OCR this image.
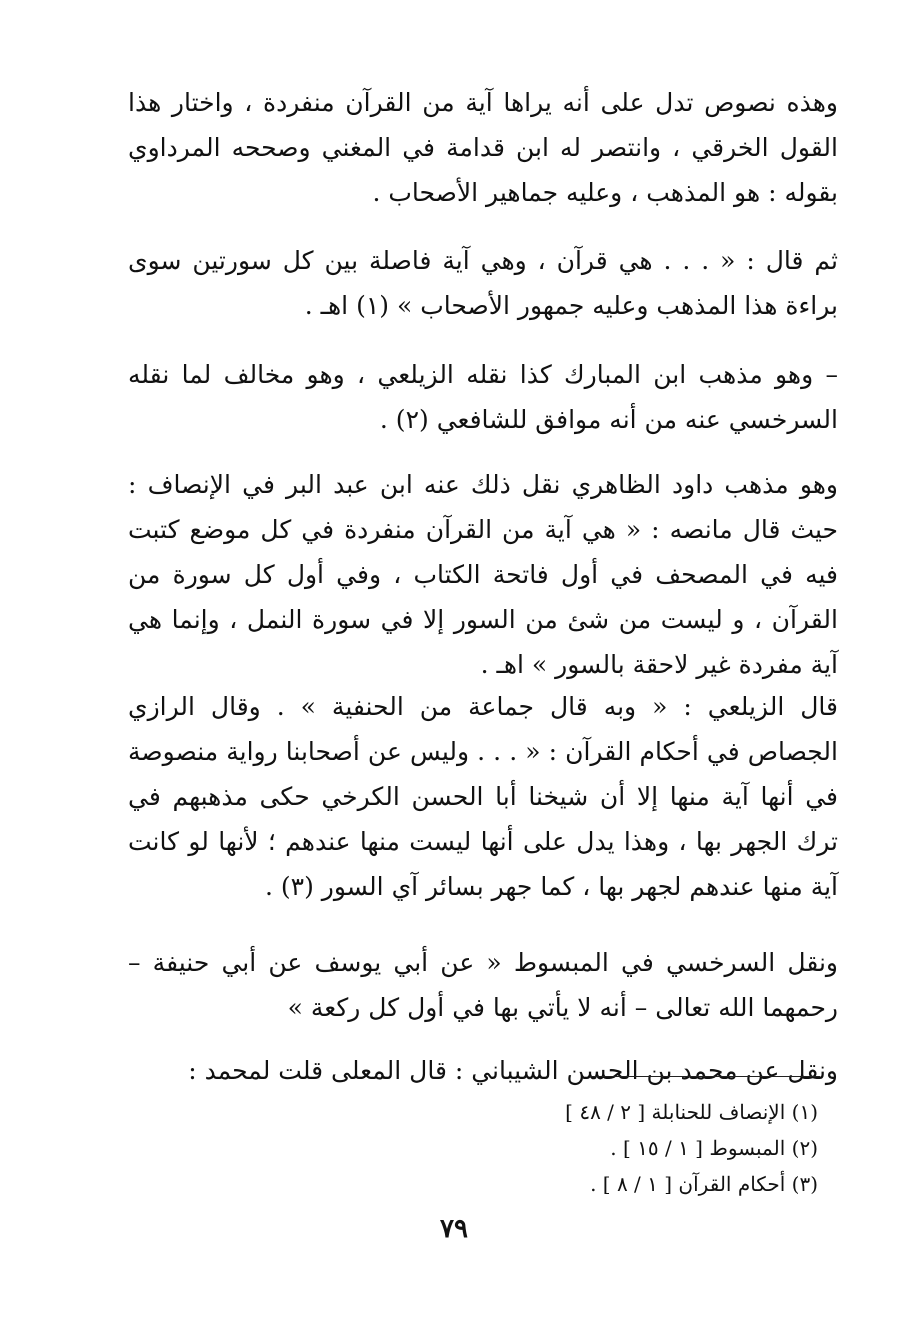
وهذه نصوص تدل على أنه يراها آية من القرآن منفردة ، واختار هذا القول الخرقي ، وانتصر له ابن قدامة في المغني وصححه المرداوي بقوله : هو المذهب ، وعليه جماهير الأصحاب .

ثم قال : « . . . هي قرآن ، وهي آية فاصلة بين كل سورتين سوى براءة هذا المذهب وعليه جمهور الأصحاب » (١) اهـ .

– وهو مذهب ابن المبارك كذا نقله الزيلعي ، وهو مخالف لما نقله السرخسي عنه من أنه موافق للشافعي (٢) .

وهو مذهب داود الظاهري نقل ذلك عنه ابن عبد البر في الإنصاف : حيث قال مانصه : « هي آية من القرآن منفردة في كل موضع كتبت فيه في المصحف في أول فاتحة الكتاب ، وفي أول كل سورة من القرآن ، و ليست من شئ من السور إلا في سورة النمل ، وإنما هي آية مفردة غير لاحقة بالسور » اهـ .

قال الزيلعي : « وبه قال جماعة من الحنفية » . وقال الرازي الجصاص في أحكام القرآن : « . . . وليس عن أصحابنا رواية منصوصة في أنها آية منها إلا أن شيخنا أبا الحسن الكرخي حكى مذهبهم في ترك الجهر بها ، وهذا يدل على أنها ليست منها عندهم ؛ لأنها لو كانت آية منها عندهم لجهر بها ، كما جهر بسائر آي السور (٣) .

ونقل السرخسي في المبسوط « عن أبي يوسف عن أبي حنيفة –رحمهما الله تعالى – أنه لا يأتي بها في أول كل ركعة »

ونقل عن محمد بن الحسن الشيباني : قال المعلى قلت لمحمد :

(١) الإنصاف للحنابلة [ ٢ / ٤٨ ]

(٢) المبسوط [ ١ / ١٥ ] .

(٣) أحكام القرآن [ ١ / ٨ ] .

٧٩
